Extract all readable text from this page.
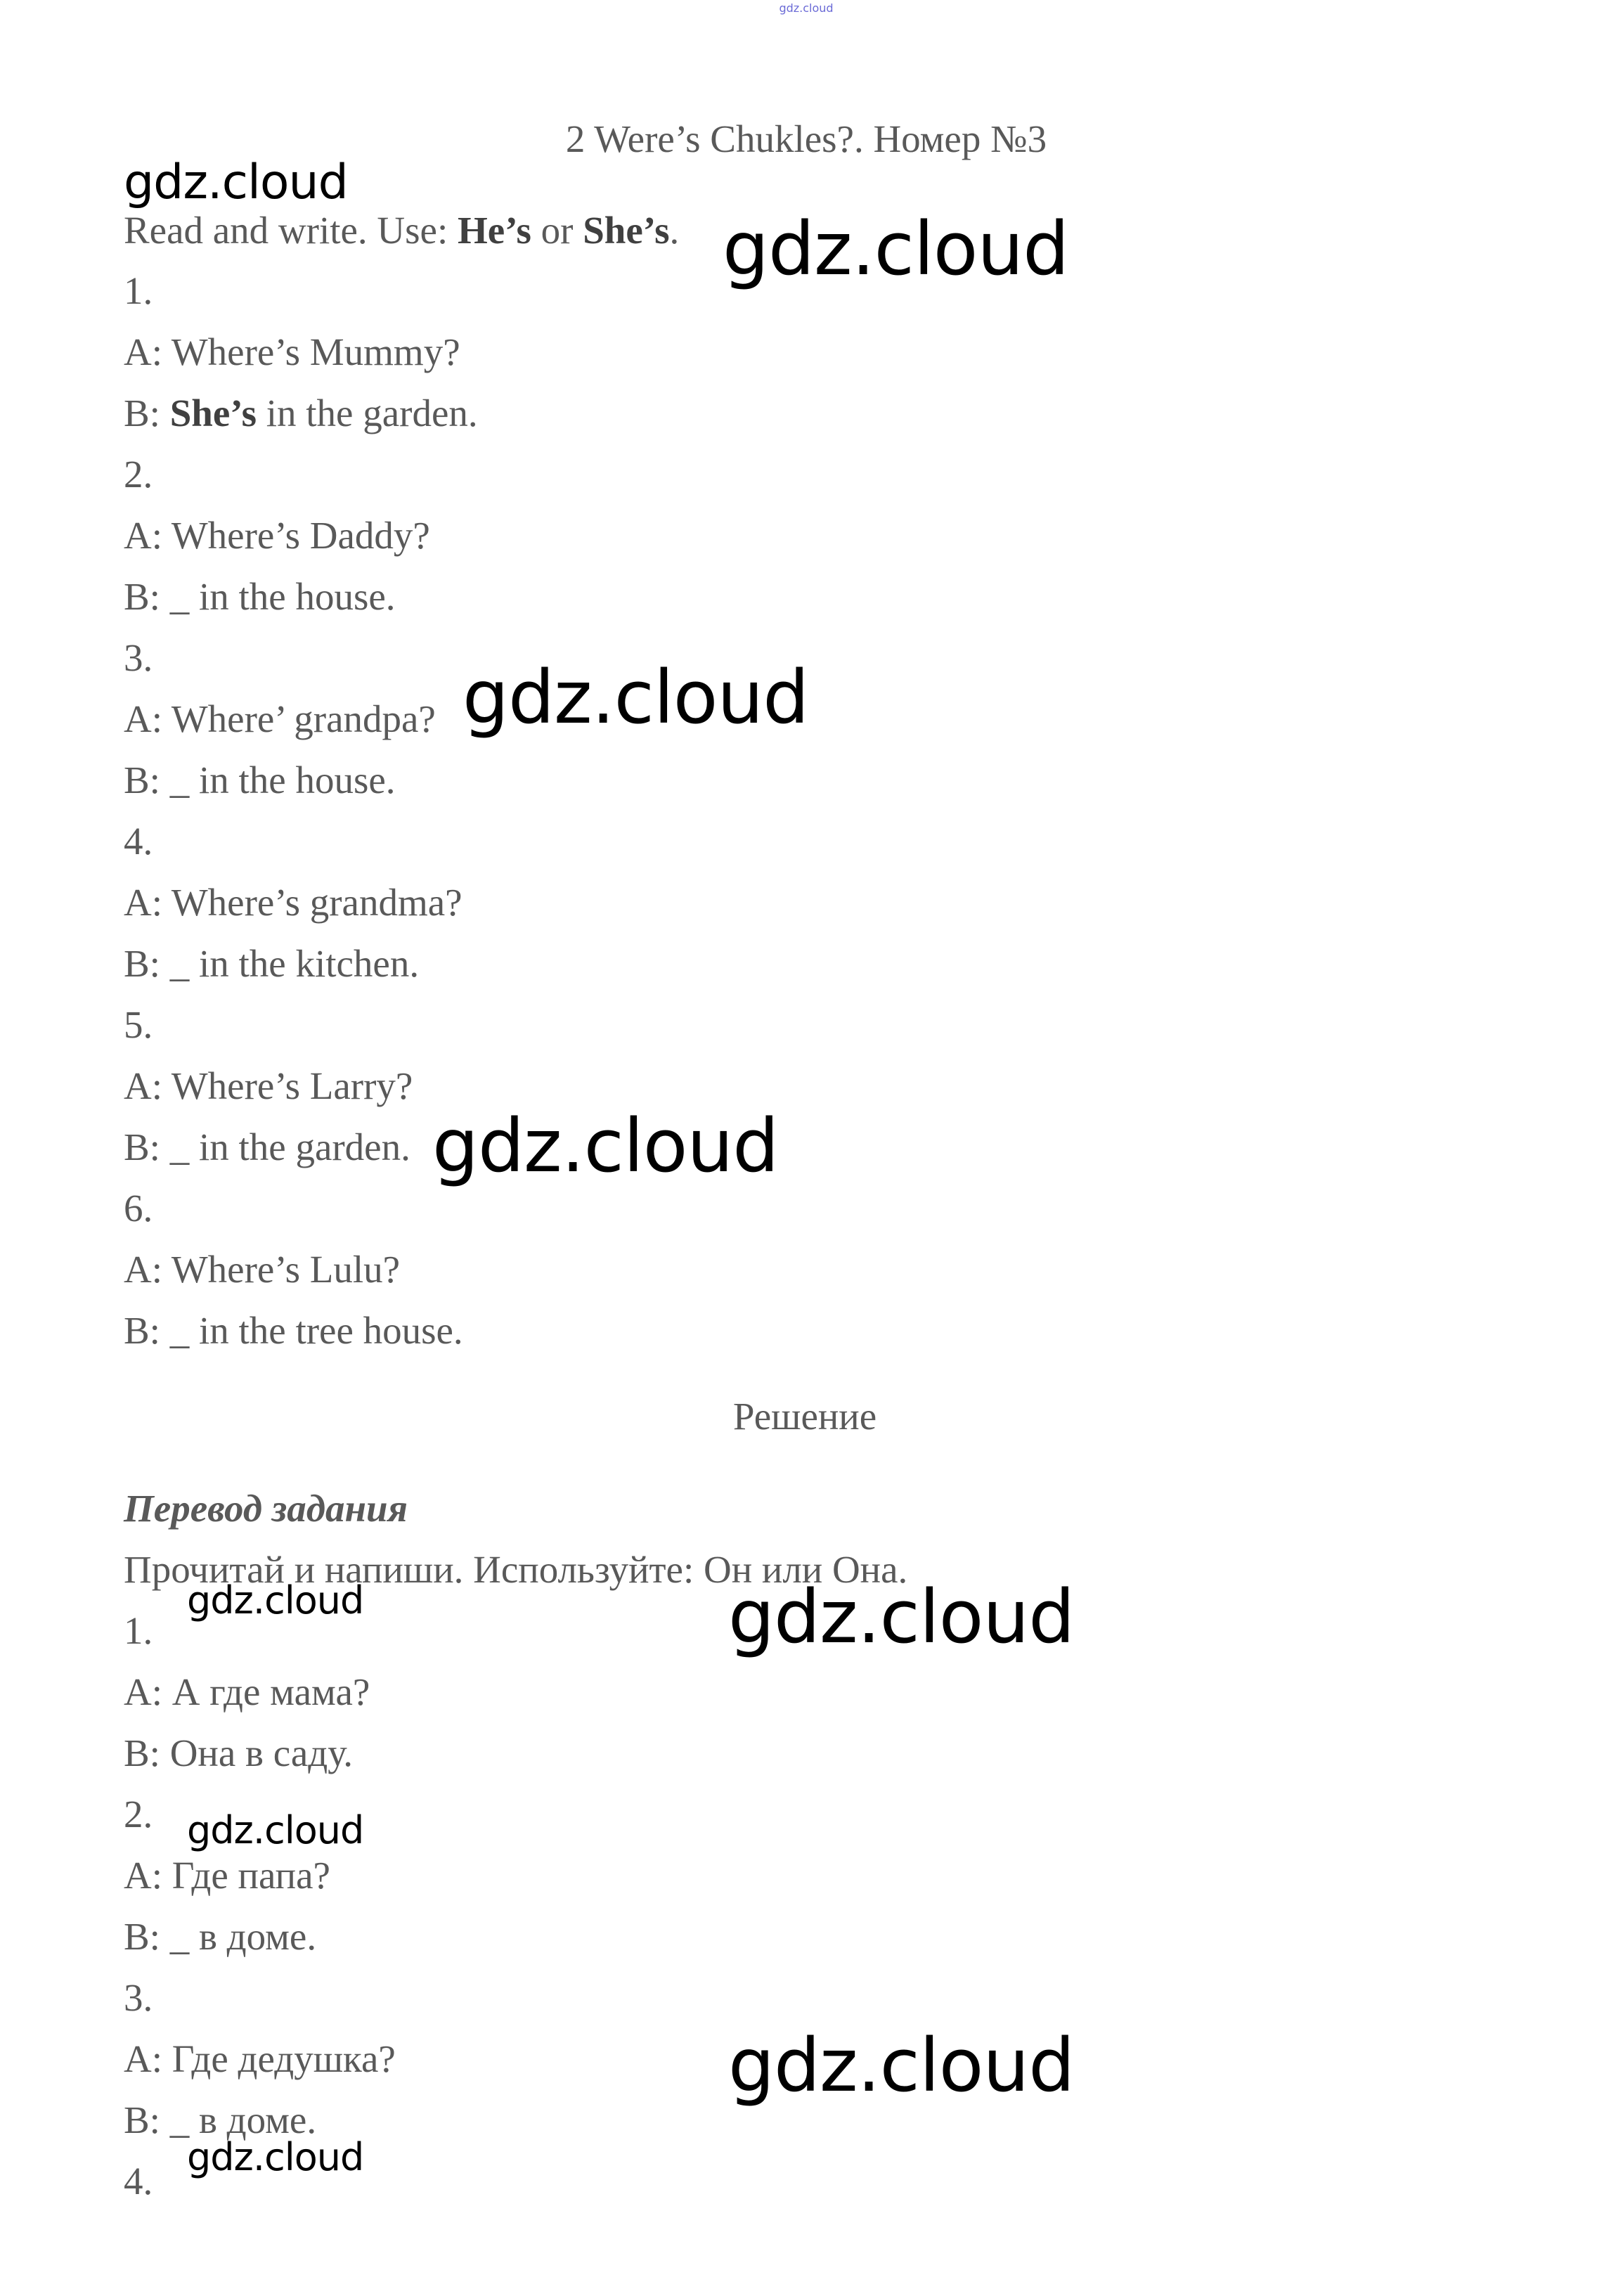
gdz.cloud
2 Were’s Chukles?. Номер №3
Read and write. Use: He’s or She’s.
1.
A: Where’s Mummy?
B: She’s in the garden.
2.
A: Where’s Daddy?
B: _ in the house.
3.
A: Where’ grandpa?
B: _ in the house.
4.
A: Where’s grandma?
B: _ in the kitchen.
5.
A: Where’s Larry?
B: _ in the garden.
6.
A: Where’s Lulu?
B: _ in the tree house.
Решение
Перевод задания
Прочитай и напиши. Используйте: Он или Она.
1.
A: А где мама?
B: Она в саду.
2.
A: Где папа?
B: _ в доме.
3.
A: Где дедушка?
B: _ в доме.
4.
gdz.cloud
gdz.cloud
gdz.cloud
gdz.cloud
gdz.cloud	gdz.cloud
gdz.cloud
gdz.cloud
gdz.cloud
